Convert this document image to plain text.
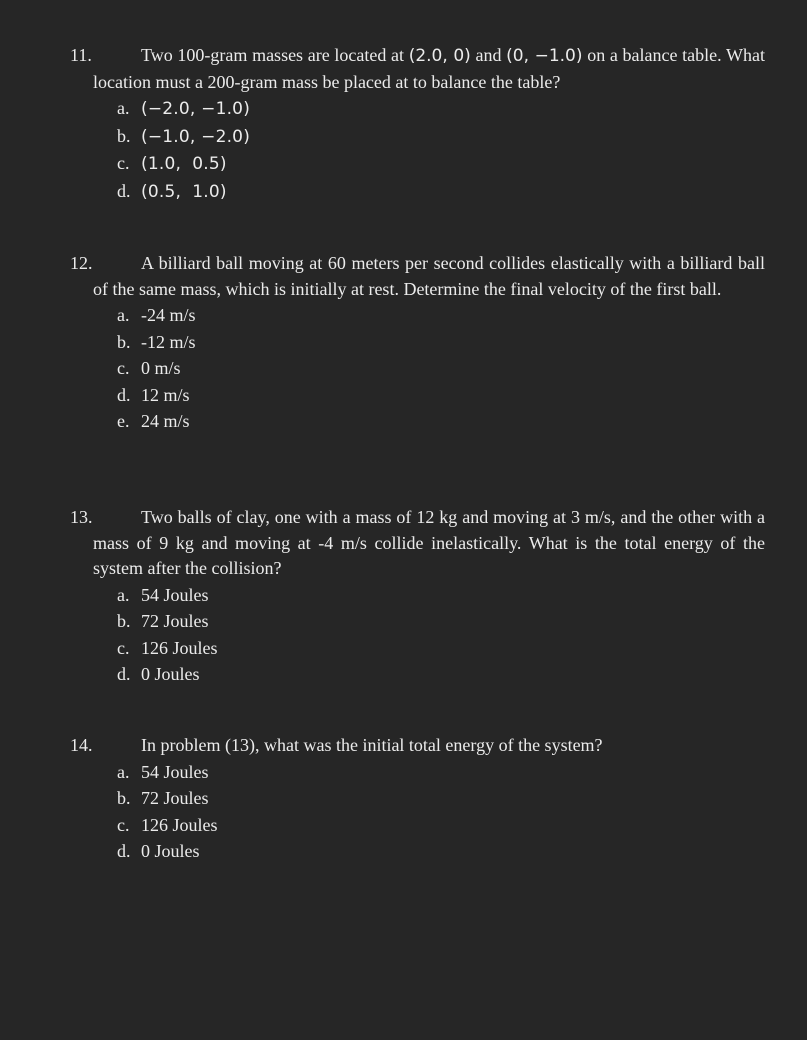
11.	Two 100-gram masses are located at (2.0, 0) and (0, −1.0) on a balance table. What location must a 200-gram mass be placed at to balance the table?
a. (−2.0, −1.0)
b. (−1.0, −2.0)
c. (1.0,  0.5)
d. (0.5,  1.0)
12.	A billiard ball moving at 60 meters per second collides elastically with a billiard ball of the same mass, which is initially at rest. Determine the final velocity of the first ball.
a. -24 m/s
b. -12 m/s
c. 0 m/s
d. 12 m/s
e. 24 m/s
13.	Two balls of clay, one with a mass of 12 kg and moving at 3 m/s, and the other with a mass of 9 kg and moving at -4 m/s collide inelastically. What is the total energy of the system after the collision?
a. 54 Joules
b. 72 Joules
c. 126 Joules
d. 0 Joules
14.	In problem (13), what was the initial total energy of the system?
a. 54 Joules
b. 72 Joules
c. 126 Joules
d. 0 Joules
